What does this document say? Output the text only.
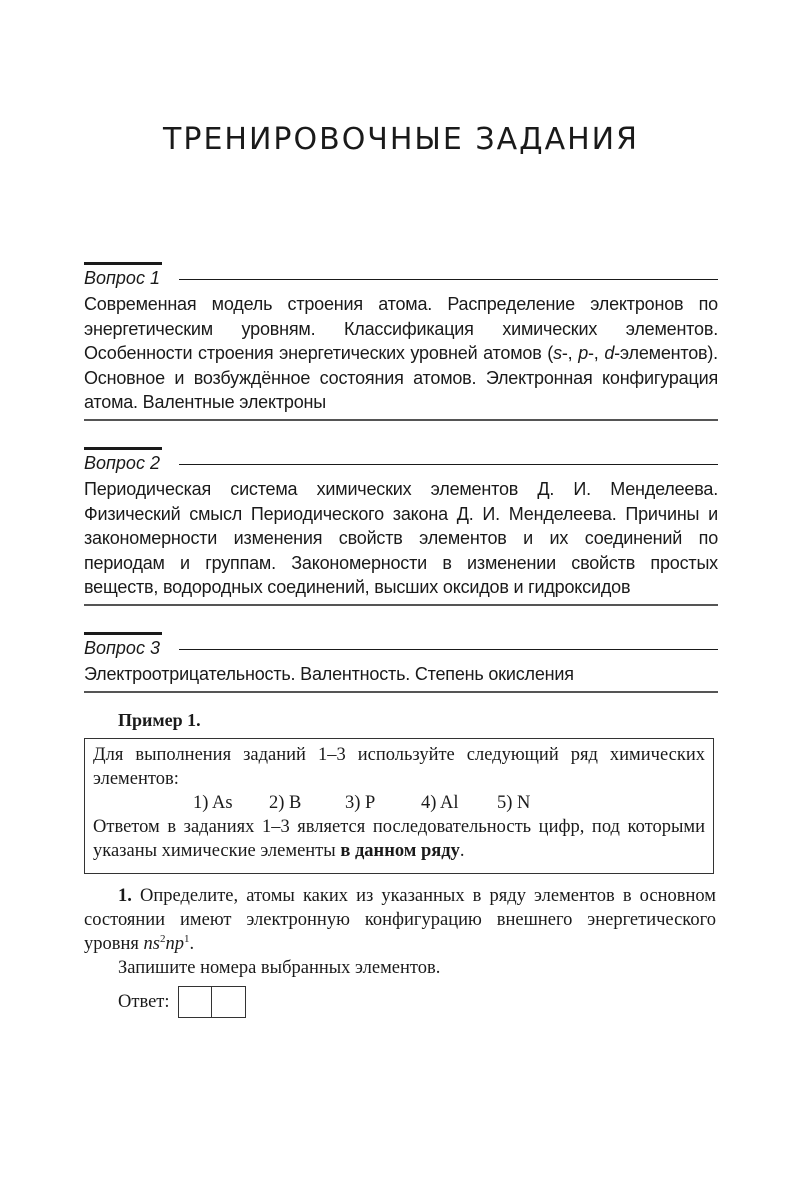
ТРЕНИРОВОЧНЫЕ ЗАДАНИЯ
Вопрос 1
Современная модель строения атома. Распределение электронов по энергетическим уровням. Классификация химических элементов. Особенности строения энергетических уровней атомов (s-, p-, d-элементов). Основное и возбуждённое состояния атомов. Электронная конфигурация атома. Валентные электроны
Вопрос 2
Периодическая система химических элементов Д. И. Менделеева. Физический смысл Периодического закона Д. И. Менделеева. Причины и закономерности изменения свойств элементов и их соединений по периодам и группам. Закономерности в изменении свойств простых веществ, водородных соединений, высших оксидов и гидроксидов
Вопрос 3
Электроотрицательность. Валентность. Степень окисления
Пример 1.
Для выполнения заданий 1–3 используйте следующий ряд химических элементов:
1) As	2) B	3) P	4) Al	5) N
Ответом в заданиях 1–3 является последовательность цифр, под которыми указаны химические элементы в данном ряду.
1. Определите, атомы каких из указанных в ряду элементов в основном состоянии имеют электронную конфигурацию внешнего энергетического уровня $ns^2np^1$.
Запишите номера выбранных элементов.
Ответ:
